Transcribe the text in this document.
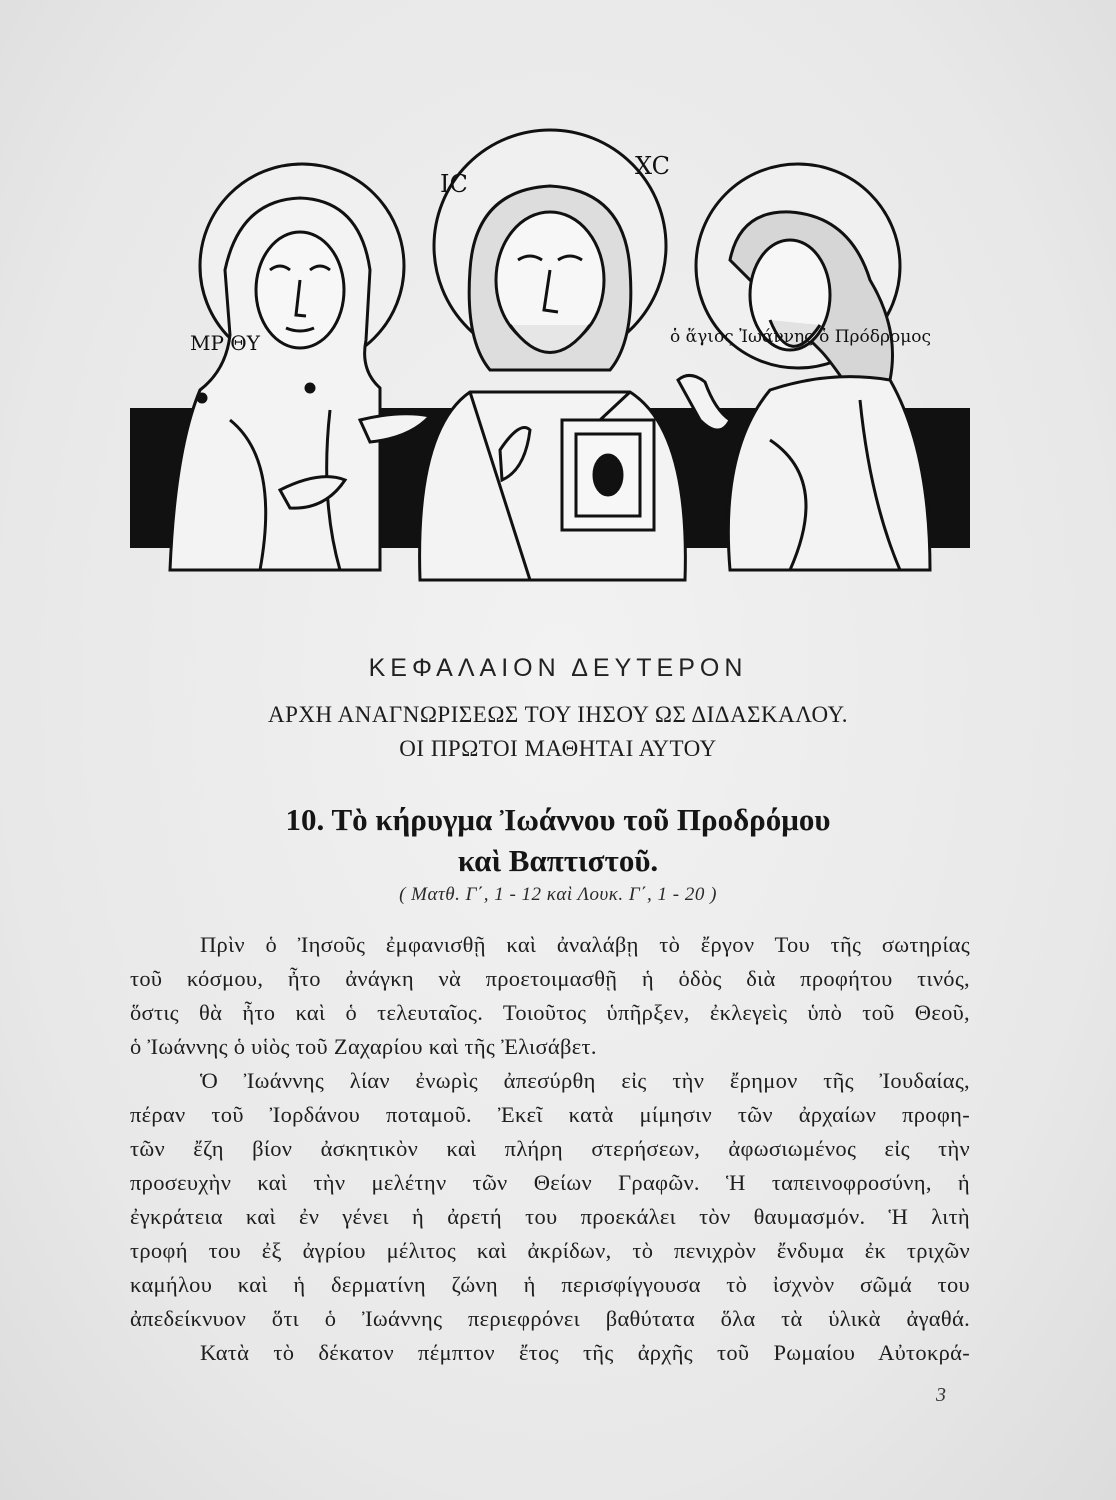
ΜΡ ΘΥ
ΙC
XC
ὁ ἅγιος Ἰωάννης ὁ Πρόδρομος
ΚΕΦΑΛΑΙΟΝ ΔΕΥΤΕΡΟΝ
ΑΡΧΗ ΑΝΑΓΝΩΡΙΣΕΩΣ ΤΟΥ ΙΗΣΟΥ ΩΣ ΔΙΔΑΣΚΑΛΟΥ.
ΟΙ ΠΡΩΤΟΙ ΜΑΘΗΤΑΙ ΑΥΤΟΥ
10. Τὸ κήρυγμα Ἰωάννου τοῦ Προδρόμου
καὶ Βαπτιστοῦ.
( Ματθ. Γ΄, 1 - 12 καὶ Λουκ. Γ΄, 1 - 20 )
Πρὶν ὁ Ἰησοῦς ἐμφανισθῇ καὶ ἀναλάβῃ τὸ ἔργον Του τῆς σωτηρίας
τοῦ κόσμου, ἦτο ἀνάγκη νὰ προετοιμασθῇ ἡ ὁδὸς διὰ προφήτου τινός,
ὅστις θὰ ἦτο καὶ ὁ τελευταῖος. Τοιοῦτος ὑπῆρξεν, ἐκλεγεὶς ὑπὸ τοῦ Θεοῦ,
ὁ Ἰωάννης ὁ υἱὸς τοῦ Ζαχαρίου καὶ τῆς Ἐλισάβετ.
Ὁ Ἰωάννης λίαν ἐνωρὶς ἀπεσύρθη εἰς τὴν ἔρημον τῆς Ἰουδαίας,
πέραν τοῦ Ἰορδάνου ποταμοῦ. Ἐκεῖ κατὰ μίμησιν τῶν ἀρχαίων προφη-
τῶν ἔζη βίον ἀσκητικὸν καὶ πλήρη στερήσεων, ἀφωσιωμένος εἰς τὴν
προσευχὴν καὶ τὴν μελέτην τῶν Θείων Γραφῶν. Ἡ ταπεινοφροσύνη, ἡ
ἐγκράτεια καὶ ἐν γένει ἡ ἀρετή του προεκάλει τὸν θαυμασμόν. Ἡ λιτὴ
τροφή του ἐξ ἀγρίου μέλιτος καὶ ἀκρίδων, τὸ πενιχρὸν ἔνδυμα ἐκ τριχῶν
καμήλου καὶ ἡ δερματίνη ζώνη ἡ περισφίγγουσα τὸ ἰσχνὸν σῶμά του
ἀπεδείκνυον ὅτι ὁ Ἰωάννης περιεφρόνει βαθύτατα ὅλα τὰ ὑλικὰ ἀγαθά.
Κατὰ τὸ δέκατον πέμπτον ἔτος τῆς ἀρχῆς τοῦ Ρωμαίου Αὐτοκρά-
3
